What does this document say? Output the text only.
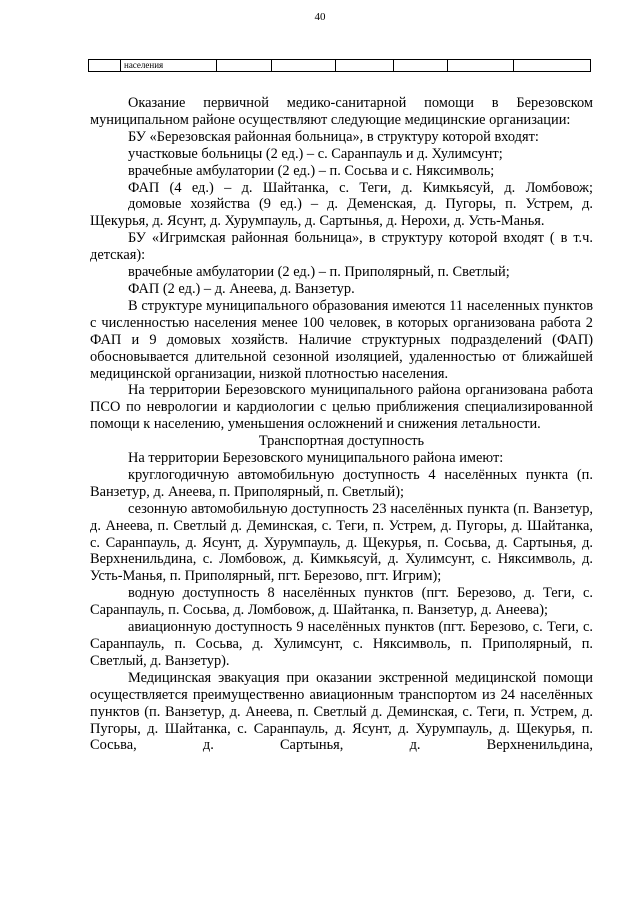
40
	населения						

Оказание первичной медико-санитарной помощи в Березовском муниципальном районе осуществляют следующие медицинские организации:

БУ «Березовская районная больница», в структуру которой входят:

участковые больницы (2 ед.) – с. Саранпауль и д. Хулимсунт;

врачебные амбулатории (2 ед.) – п. Сосьва и с. Няксимволь;

ФАП (4 ед.) – д. Шайтанка, с. Теги, д. Кимкьясуй, д. Ломбовож;

домовые хозяйства (9 ед.) – д. Деменская, д. Пугоры, п. Устрем, д. Щекурья, д. Ясунт, д. Хурумпауль, д. Сартынья, д. Нерохи, д. Усть-Манья.

БУ «Игримская районная больница», в структуру которой входят ( в т.ч. детская):

врачебные амбулатории (2 ед.) – п. Приполярный, п. Светлый;

ФАП (2 ед.) – д. Анеева, д. Ванзетур.

В структуре муниципального образования имеются 11 населенных пунктов с численностью населения менее 100 человек, в которых организована работа 2 ФАП и 9 домовых хозяйств. Наличие структурных подразделений (ФАП) обосновывается длительной сезонной изоляцией, удаленностью от ближайшей медицинской организации, низкой плотностью населения.

На территории Березовского муниципального района организована работа ПСО по неврологии и кардиологии с целью приближения специализированной помощи к населению, уменьшения осложнений и снижения летальности.

Транспортная доступность

На территории Березовского муниципального района имеют:

круглогодичную автомобильную доступность 4 населённых пункта (п. Ванзетур, д. Анеева, п. Приполярный, п. Светлый);

сезонную автомобильную доступность 23 населённых пункта (п. Ванзетур, д. Анеева, п. Светлый д. Деминская, с. Теги, п. Устрем, д. Пугоры, д. Шайтанка, с. Саранпауль, д. Ясунт, д. Хурумпауль, д. Щекурья, п. Сосьва, д. Сартынья, д. Верхненильдина, с. Ломбовож, д. Кимкьясуй, д. Хулимсунт, с. Няксимволь, д. Усть-Манья, п. Приполярный, пгт. Березово, пгт. Игрим);

водную доступность 8 населённых пунктов (пгт. Березово, д. Теги, с. Саранпауль, п. Сосьва, д. Ломбовож, д. Шайтанка, п. Ванзетур, д. Анеева);

авиационную доступность 9 населённых пунктов (пгт. Березово, с. Теги, с. Саранпауль, п. Сосьва, д. Хулимсунт, с. Няксимволь, п. Приполярный, п. Светлый, д. Ванзетур).

Медицинская эвакуация при оказании экстренной медицинской помощи осуществляется преимущественно авиационным транспортом из 24 населённых пунктов (п. Ванзетур, д. Анеева, п. Светлый д. Деминская, с. Теги, п. Устрем, д. Пугоры, д. Шайтанка, с. Саранпауль, д. Ясунт, д. Хурумпауль, д. Щекурья, п. Сосьва, д. Сартынья, д. Верхненильдина,
